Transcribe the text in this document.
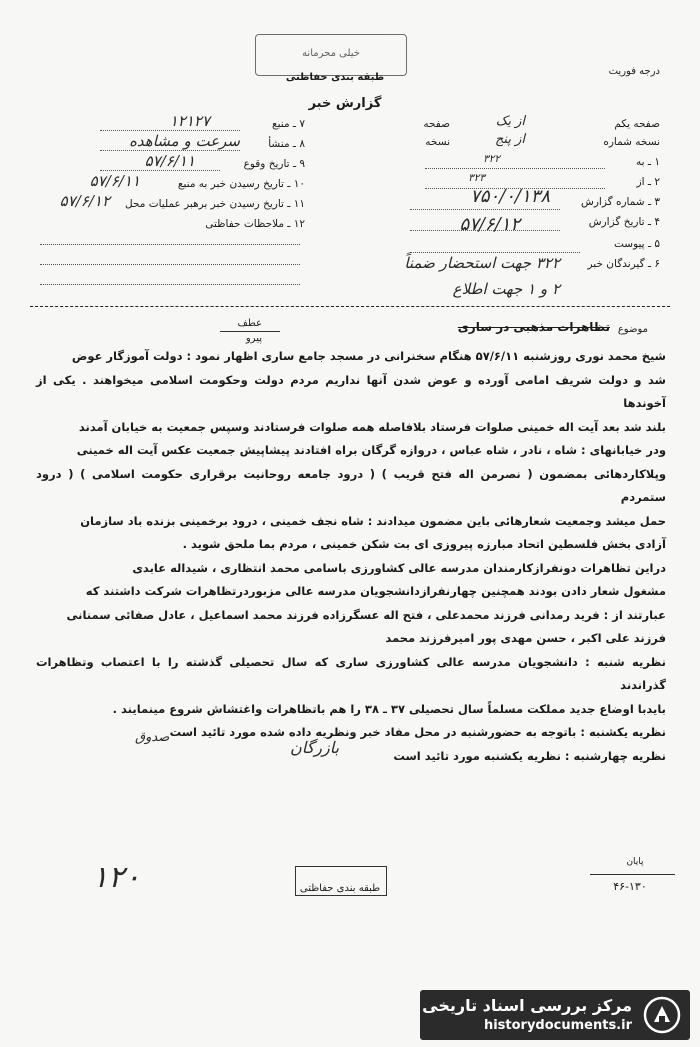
خیلی محرمانه
طبقه بندی حفاظتی
گزارش خبر
درجه فوریت
صفحه یکم
از یک
صفحه
نسخه شماره
از پنج
نسخه
۱ ـ به
۳۲۲
۲ ـ از
۳۲۳
۳ ـ شماره گزارش
۷۵۰/۰/۱۳۸
۴ ـ تاریخ گزارش
۵۷/۶/۱۲
۵ ـ پیوست
۶ ـ گیرندگان خبر
۳۲۲ جهت استحضار ضمناً
۲ و ۱ جهت اطلاع
۷ ـ منبع
۱۲۱۲۷
۸ ـ منشأ
سرعت و مشاهده
۹ ـ تاریخ وقوع
۵۷/۶/۱۱
۱۰ ـ تاریخ رسیدن خبر به منبع
۵۷/۶/۱۱
۱۱ ـ تاریخ رسیدن خبر برهبر عملیات محل
۵۷/۶/۱۲
۱۲ ـ ملاحظات حفاظتی
موضوع
تظاهرات مذهبی در ساری
عطف
پیرو

شیخ محمد نوری روزشنبه ۵۷/۶/۱۱ هنگام سخنرانی در مسجد جامع ساری اظهار نمود : دولت آموزگار عوض

شد و دولت شریف امامی آورده و عوض شدن آنها نداریم مردم دولت وحکومت اسلامی میخواهند . یکی از آخوندها

بلند شد بعد آیت اله خمینی صلوات فرستاد بلافاصله همه صلوات فرستادند وسپس جمعیت به خیابان آمدند

ودر خیابانهای : شاه ، نادر ، شاه عباس ، دروازه گرگان براه افتادند پیشاپیش جمعیت عکس آیت اله خمینی

وپلاکاردهائی بمضمون ( نصرمن اله فتح قریب ) ( درود جامعه روحانیت برقراری حکومت اسلامی ) ( درود ستمردم

حمل میشد وجمعیت شعارهائی باین مضمون میدادند : شاه نجف خمینی ، درود برخمینی بزنده باد سازمان

آزادی بخش فلسطین اتحاد مبارزه پیروزی ای بت شکن خمینی ، مردم بما ملحق شوید .

دراین تظاهرات دونفرازکارمندان مدرسه عالی کشاورزی باسامی محمد انتظاری ، شیداله عابدی

مشغول شعار دادن بودند همچنین چهارنفرازدانشجویان مدرسه عالی مزبوردرتظاهرات شرکت داشتند که

عبارتند از : فرید رمدانی فرزند محمدعلی ، فتح اله عسگرزاده فرزند محمد اسماعیل ، عادل صفائی سمنانی

فرزند علی اکبر ، حسن مهدی پور امیرفرزند محمد

نظریه شنبه : دانشجویان مدرسه عالی کشاورزی ساری که سال تحصیلی گذشته را با اعتصاب وتظاهرات گذراندند

بایدبا اوضاع جدید مملکت مسلماً سال تحصیلی ۳۷ ـ ۳۸ را هم باتظاهرات واغتشاش شروع مینمایند .

نظریه یکشنبه : باتوجه به حضورشنبه در محل مفاد خبر ونظریه داده شده مورد تائید است

نظریه چهارشنبه : نظریه یکشنبه مورد تائید است

صدوق
بازرگان
۱۲۰	طبقه بندی حفاظتی
پایان
۴۶-۱۳۰
مرکز بررسی اسناد تاریخی
historydocuments.ir
